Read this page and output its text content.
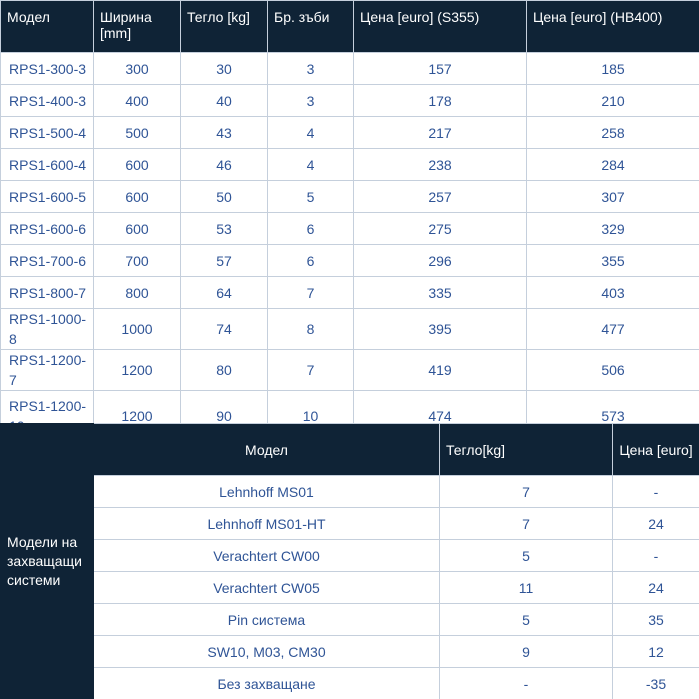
Модел	Ширина [mm]	Тегло [kg]	Бр. зъби	Цена [euro] (S355)	Цена [euro] (HB400)
RPS1-300-3	300	30	3	157	185
RPS1-400-3	400	40	3	178	210
RPS1-500-4	500	43	4	217	258
RPS1-600-4	600	46	4	238	284
RPS1-600-5	600	50	5	257	307
RPS1-600-6	600	53	6	275	329
RPS1-700-6	700	57	6	296	355
RPS1-800-7	800	64	7	335	403
RPS1-1000-8	1000	74	8	395	477
RPS1-1200-7	1200	80	7	419	506
RPS1-1200-	1200	90	10	474	573
Модели на захващащи системи	Модел	Тегло[kg]	Цена [euro]
	Lehnhoff MS01	7	-
	Lehnhoff MS01-HT	7	24
	Verachtert CW00	5	-
	Verachtert CW05	11	24
	Pin система	5	35
	SW10, M03, CM30	9	12
	Без захващане	-	-35
